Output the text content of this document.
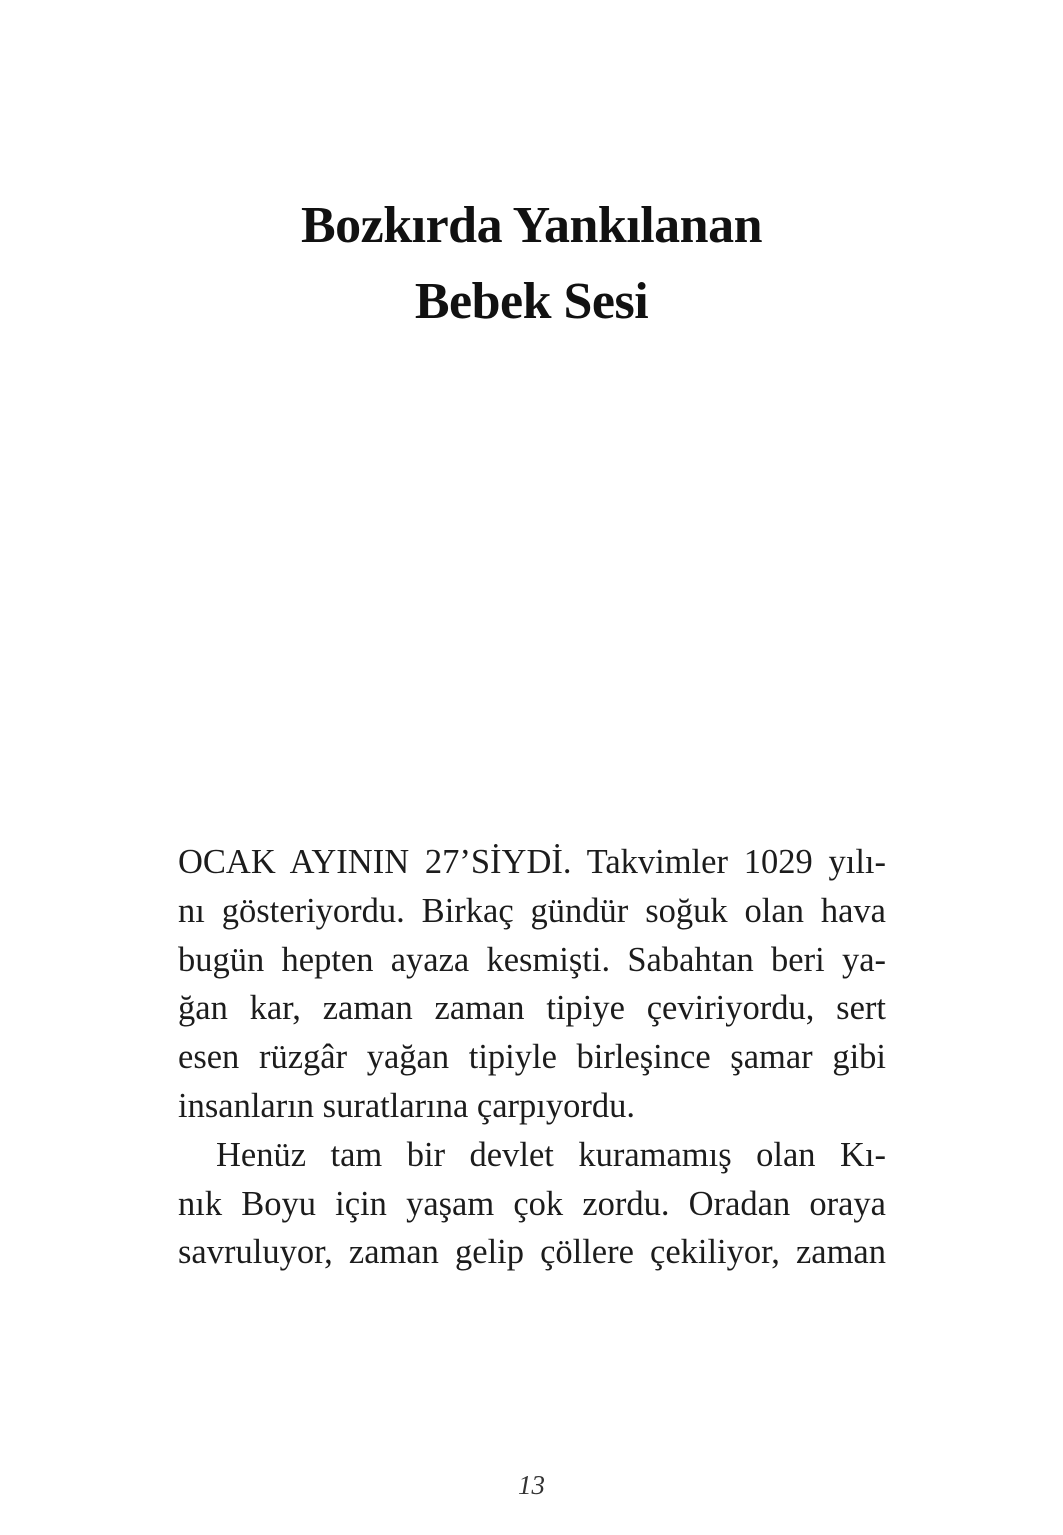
Bozkırda Yankılanan
Bebek Sesi

OCAK AYININ 27’SİYDİ. Takvimler 1029 yılı-
nı gösteriyordu. Birkaç gündür soğuk olan hava
bugün hepten ayaza kesmişti. Sabahtan beri ya-
ğan kar, zaman zaman tipiye çeviriyordu, sert
esen rüzgâr yağan tipiyle birleşince şamar gibi
insanların suratlarına çarpıyordu.

Henüz tam bir devlet kuramamış olan Kı-
nık Boyu için yaşam çok zordu. Oradan oraya
savruluyor, zaman gelip çöllere çekiliyor, zaman

13
